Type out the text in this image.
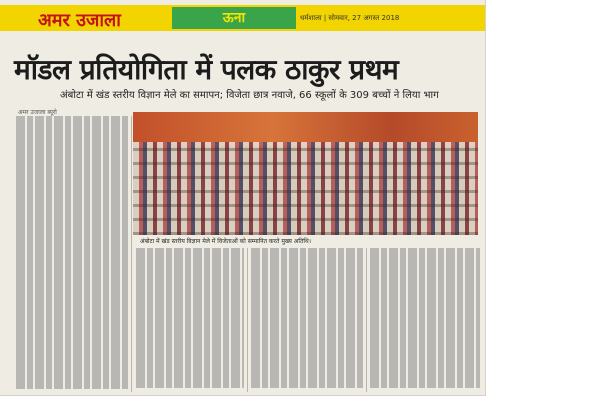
अमर उजाला	ऊना	धर्मशाला | सोमवार, 27 अगस्त 2018
मॉडल प्रतियोगिता में पलक ठाकुर प्रथम
अंबोटा में खंड स्तरीय विज्ञान मेले का समापन; विजेता छात्र नवाजे, 66 स्कूलों के 309 बच्चों ने लिया भाग
अमर उजाला ब्यूरो
अंबोटा में खंड स्तरीय विज्ञान मेले में विजेताओं को सम्मानित करते मुख्य अतिथि।
